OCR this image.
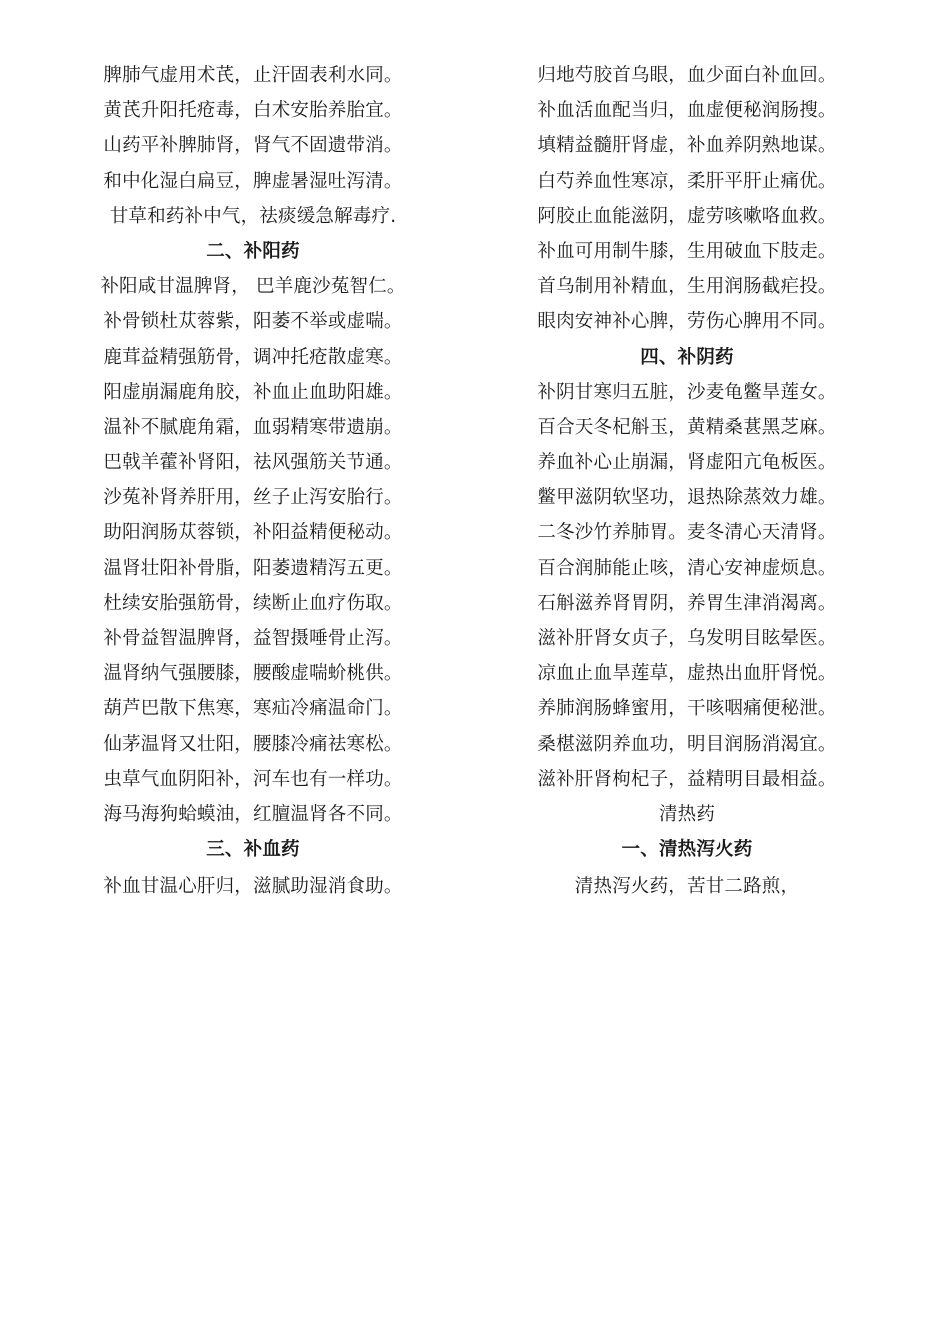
脾肺气虚用术芪，止汗固表利水同。
黄芪升阳托疮毒，白术安胎养胎宜。
山药平补脾肺肾，肾气不固遗带消。
和中化湿白扁豆，脾虚暑湿吐泻清。
甘草和药补中气，祛痰缓急解毒疗.
二、补阳药
补阳咸甘温脾肾， 巴羊鹿沙菟智仁。
补骨锁杜苁蓉紫，阳萎不举或虚喘。
鹿茸益精强筋骨，调冲托疮散虚寒。
阳虚崩漏鹿角胶，补血止血助阳雄。
温补不腻鹿角霜，血弱精寒带遗崩。
巴戟羊藿补肾阳，祛风强筋关节通。
沙菟补肾养肝用，丝子止泻安胎行。
助阳润肠苁蓉锁，补阳益精便秘动。
温肾壮阳补骨脂，阳萎遗精泻五更。
杜续安胎强筋骨，续断止血疗伤取。
补骨益智温脾肾，益智摄唾骨止泻。
温肾纳气强腰膝，腰酸虚喘蚧桃供。
葫芦巴散下焦寒，寒疝冷痛温命门。
仙茅温肾又壮阳，腰膝冷痛祛寒松。
虫草气血阴阳补，河车也有一样功。
海马海狗蛤蟆油，红膻温肾各不同。
三、补血药
补血甘温心肝归，滋腻助湿消食助。
归地芍胶首乌眼，血少面白补血回。
补血活血配当归，血虚便秘润肠搜。
填精益髓肝肾虚，补血养阴熟地谋。
白芍养血性寒凉，柔肝平肝止痛优。
阿胶止血能滋阴，虚劳咳嗽咯血救。
补血可用制牛膝，生用破血下肢走。
首乌制用补精血，生用润肠截疟投。
眼肉安神补心脾，劳伤心脾用不同。
四、补阴药
补阴甘寒归五脏，沙麦龟鳖旱莲女。
百合天冬杞斛玉，黄精桑葚黑芝麻。
养血补心止崩漏，肾虚阳亢龟板医。
鳖甲滋阴软坚功，退热除蒸效力雄。
二冬沙竹养肺胃。麦冬清心天清肾。
百合润肺能止咳，清心安神虚烦息。
石斛滋养肾胃阴，养胃生津消渴离。
滋补肝肾女贞子，乌发明目眩晕医。
凉血止血旱莲草，虚热出血肝肾悦。
养肺润肠蜂蜜用，干咳咽痛便秘泄。
桑椹滋阴养血功，明目润肠消渴宜。
滋补肝肾枸杞子，益精明目最相益。
清热药
一、清热泻火药
清热泻火药，苦甘二路煎，
